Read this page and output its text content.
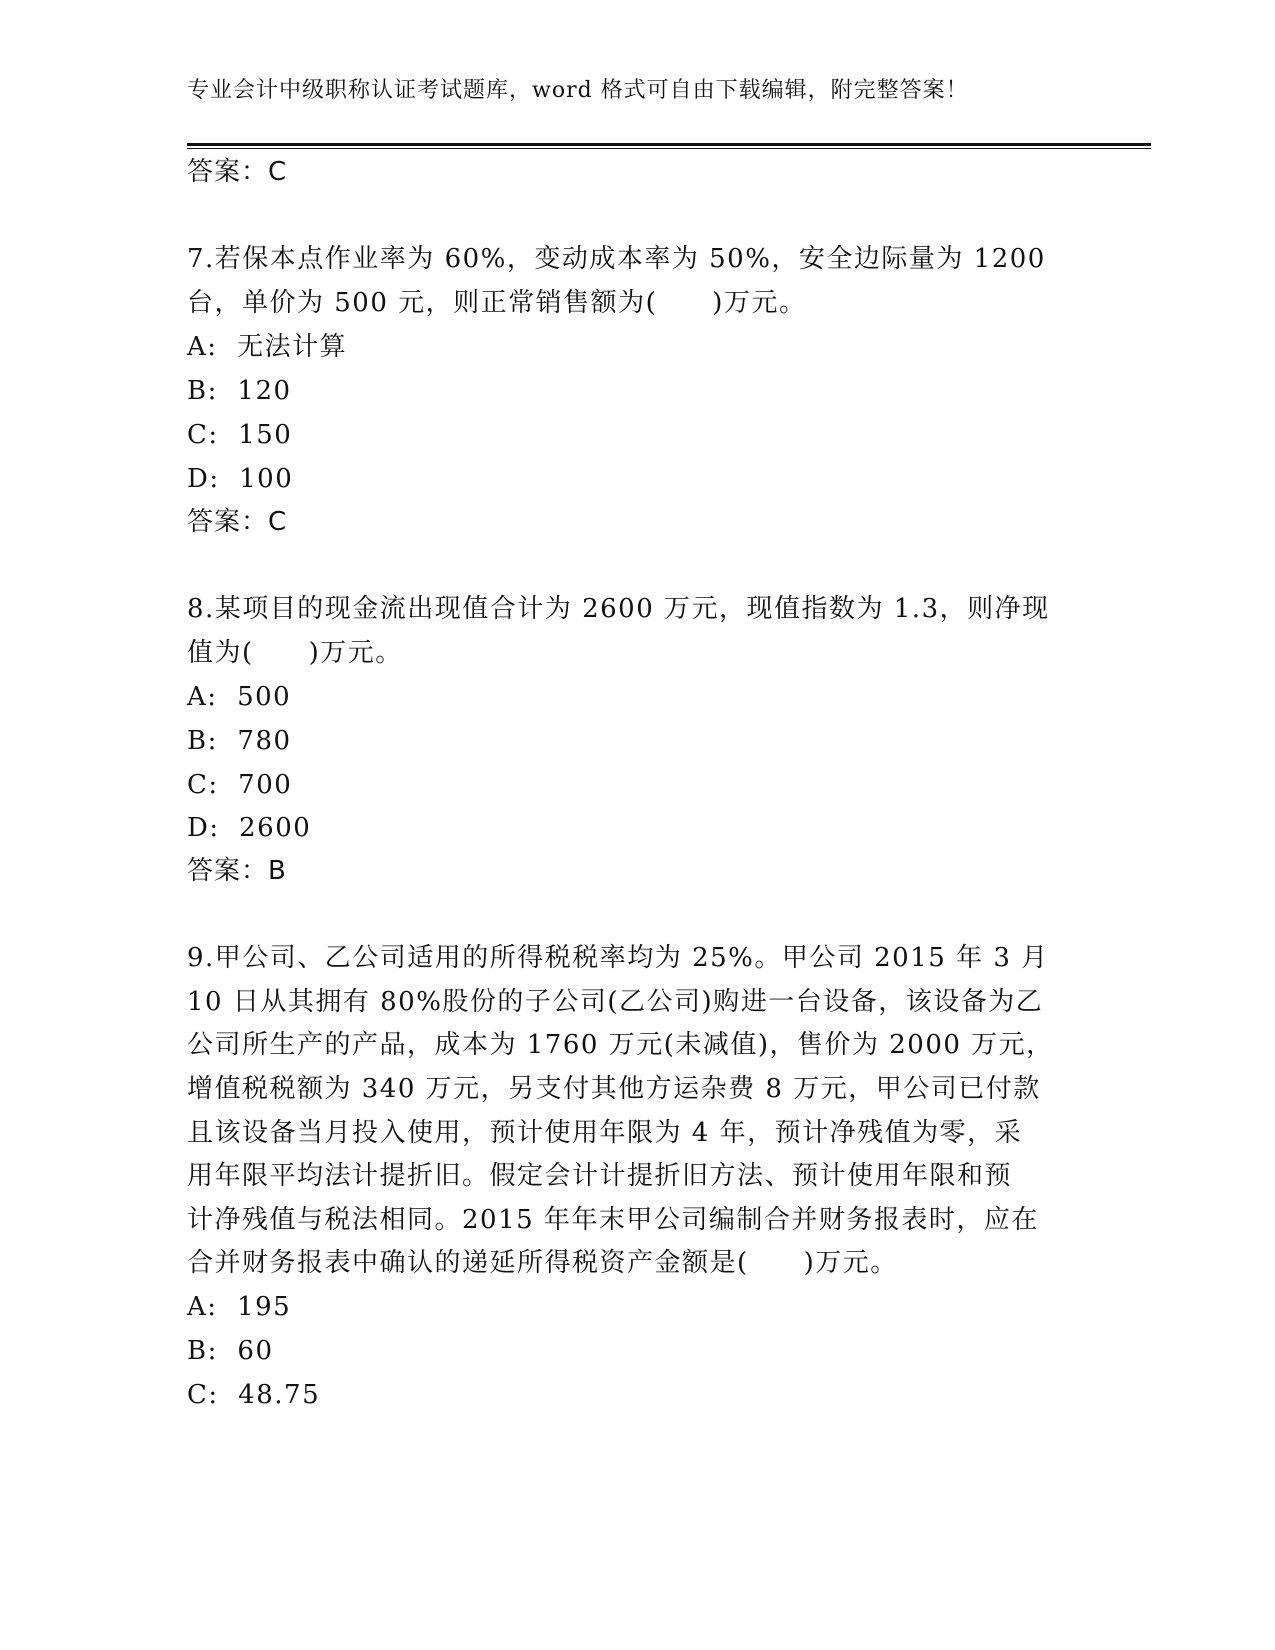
专业会计中级职称认证考试题库，word 格式可自由下载编辑，附完整答案！
答案：C
7.若保本点作业率为 60%，变动成本率为 50%，安全边际量为 1200
台，单价为 500 元，则正常销售额为(　　)万元。
A:  无法计算
B:  120
C:  150
D:  100
答案：C
8.某项目的现金流出现值合计为 2600 万元，现值指数为 1.3，则净现
值为(　　)万元。
A:  500
B:  780
C:  700
D:  2600
答案：B
9.甲公司、乙公司适用的所得税税率均为 25%。甲公司 2015 年 3 月
10 日从其拥有 80%股份的子公司(乙公司)购进一台设备，该设备为乙
公司所生产的产品，成本为 1760 万元(未减值)，售价为 2000 万元，
增值税税额为 340 万元，另支付其他方运杂费 8 万元，甲公司已付款
且该设备当月投入使用，预计使用年限为 4 年，预计净残值为零，采
用年限平均法计提折旧。假定会计计提折旧方法、预计使用年限和预
计净残值与税法相同。2015 年年末甲公司编制合并财务报表时，应在
合并财务报表中确认的递延所得税资产金额是(　　)万元。
A:  195
B:  60
C:  48.75
